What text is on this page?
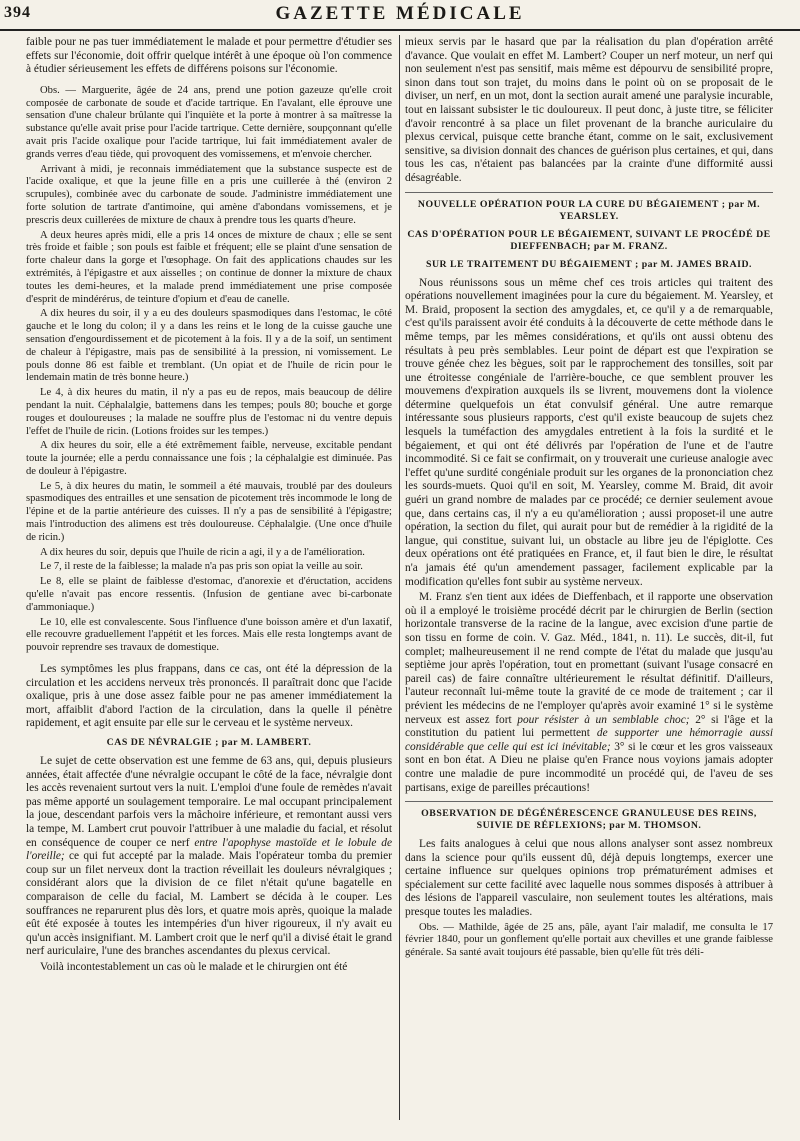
394	GAZETTE MÉDICALE

faible pour ne pas tuer immédiatement le malade et pour permettre d'étudier ses effets sur l'économie, doit offrir quelque intérêt à une époque où l'on commence à étudier sérieusement les effets de différens poisons sur l'économie.

Obs. — Marguerite, âgée de 24 ans, prend une potion gazeuze qu'elle croit composée de carbonate de soude et d'acide tartrique. En l'avalant, elle éprouve une sensation d'une chaleur brûlante qui l'inquiète et la porte à montrer à sa maîtresse la substance qu'elle avait prise pour l'acide tartrique. Cette dernière, soupçonnant qu'elle avait pris l'acide oxalique pour l'acide tartrique, lui fait immédiatement avaler de grands verres d'eau tiède, qui provoquent des vomissemens, et m'envoie chercher.

Arrivant à midi, je reconnais immédiatement que la substance suspecte est de l'acide oxalique, et que la jeune fille en a pris une cuillerée à thé (environ 2 scrupules), combinée avec du carbonate de soude. J'administre immédiatement une forte solution de tartrate d'antimoine, qui amène d'abondans vomissemens, et je prescris deux cuillerées de mixture de chaux à prendre tous les quarts d'heure.

A deux heures après midi, elle a pris 14 onces de mixture de chaux ; elle se sent très froide et faible ; son pouls est faible et fréquent; elle se plaint d'une sensation de forte chaleur dans la gorge et l'œsophage. On fait des applications chaudes sur les extrémités, à l'épigastre et aux aisselles ; on continue de donner la mixture de chaux toutes les demi-heures, et la malade prend immédiatement une prise composée d'esprit de mindérérus, de teinture d'opium et d'eau de canelle.

A dix heures du soir, il y a eu des douleurs spasmodiques dans l'estomac, le côté gauche et le long du colon; il y a dans les reins et le long de la cuisse gauche une sensation d'engourdissement et de picotement à la fois. Il y a de la soif, un sentiment de chaleur à l'épigastre, mais pas de sensibilité à la pression, ni vomissement. Le pouls donne 86 est faible et tremblant. (Un opiat et de l'huile de ricin pour le lendemain matin de très bonne heure.)

Le 4, à dix heures du matin, il n'y a pas eu de repos, mais beaucoup de délire pendant la nuit. Céphalalgie, battemens dans les tempes; pouls 80; bouche et gorge rouges et douloureuses ; la malade ne souffre plus de l'estomac ni du ventre depuis l'effet de l'huile de ricin. (Lotions froides sur les tempes.)

A dix heures du soir, elle a été extrêmement faible, nerveuse, excitable pendant toute la journée; elle a perdu connaissance une fois ; la céphalalgie est diminuée. Pas de douleur à l'épigastre.

Le 5, à dix heures du matin, le sommeil a été mauvais, troublé par des douleurs spasmodiques des entrailles et une sensation de picotement très incommode le long de l'épine et de la partie antérieure des cuisses. Il n'y a pas de sensibilité à l'épigastre; mais l'introduction des alimens est très douloureuse. Céphalalgie. (Une once d'huile de ricin.)

A dix heures du soir, depuis que l'huile de ricin a agi, il y a de l'amélioration.

Le 7, il reste de la faiblesse; la malade n'a pas pris son opiat la veille au soir.

Le 8, elle se plaint de faiblesse d'estomac, d'anorexie et d'éructation, accidens qu'elle n'avait pas encore ressentis. (Infusion de gentiane avec bi-carbonate d'ammoniaque.)

Le 10, elle est convalescente. Sous l'influence d'une boisson amère et d'un laxatif, elle recouvre graduellement l'appétit et les forces. Mais elle resta longtemps avant de pouvoir reprendre ses travaux de domestique.

Les symptômes les plus frappans, dans ce cas, ont été la dépression de la circulation et les accidens nerveux très prononcés. Il paraîtrait donc que l'acide oxalique, pris à une dose assez faible pour ne pas amener immédiatement la mort, affaiblit d'abord l'action de la circulation, dans la quelle il pénètre rapidement, et agit ensuite par elle sur le cerveau et le système nerveux.

CAS DE NÉVRALGIE ; par M. LAMBERT.

Le sujet de cette observation est une femme de 63 ans, qui, depuis plusieurs années, était affectée d'une névralgie occupant le côté de la face, névralgie dont les accès revenaient surtout vers la nuit. L'emploi d'une foule de remèdes n'avait pas même apporté un soulagement temporaire. Le mal occupant principalement la joue, descendant parfois vers la mâchoire inférieure, et remontant aussi vers la tempe, M. Lambert crut pouvoir l'attribuer à une maladie du facial, et résolut en conséquence de couper ce nerf entre l'apophyse mastoïde et le lobule de l'oreille; ce qui fut accepté par la malade. Mais l'opérateur tomba du premier coup sur un filet nerveux dont la traction réveillait les douleurs névralgiques ; considérant alors que la division de ce filet n'était qu'une bagatelle en comparaison de celle du facial, M. Lambert se décida à le couper. Les souffrances ne reparurent plus dès lors, et quatre mois après, quoique la malade eût été exposée à toutes les intempéries d'un hiver rigoureux, il n'y avait eu qu'un accès insignifiant. M. Lambert croit que le nerf qu'il a divisé était le grand nerf auriculaire, l'une des branches ascendantes du plexus cervical.

Voilà incontestablement un cas où le malade et le chirurgien ont été

mieux servis par le hasard que par la réalisation du plan d'opération arrêté d'avance. Que voulait en effet M. Lambert? Couper un nerf moteur, un nerf qui non seulement n'est pas sensitif, mais même est dépourvu de sensibilité propre, sinon dans tout son trajet, du moins dans le point où on se proposait de le diviser, un nerf, en un mot, dont la section aurait amené une paralysie incurable, tout en laissant subsister le tic douloureux. Il peut donc, à juste titre, se féliciter d'avoir rencontré à sa place un filet provenant de la branche auriculaire du plexus cervical, puisque cette branche étant, comme on le sait, exclusivement sensitive, sa division donnait des chances de guérison plus certaines, et qui, dans tous les cas, n'étaient pas balancées par la crainte d'une difformité aussi désagréable.

NOUVELLE OPÉRATION POUR LA CURE DU BÉGAIEMENT ; par M. YEARSLEY.
CAS D'OPÉRATION POUR LE BÉGAIEMENT, SUIVANT LE PROCÉDÉ DE DIEFFENBACH; par M. FRANZ.
SUR LE TRAITEMENT DU BÉGAIEMENT ; par M. JAMES BRAID.

Nous réunissons sous un même chef ces trois articles qui traitent des opérations nouvellement imaginées pour la cure du bégaiement. M. Yearsley, et M. Braid, proposent la section des amygdales, et, ce qu'il y a de remarquable, c'est qu'ils paraissent avoir été conduits à la découverte de cette méthode dans le même temps, par les mêmes considérations, et qu'ils ont aussi obtenu des résultats à peu près semblables. Leur point de départ est que l'expiration se trouve génée chez les bègues, soit par le rapprochement des tonsilles, soit par une étroitesse congéniale de l'arrière-bouche, ce que semblent prouver les mouvemens d'expiration auxquels ils se livrent, mouvemens dont la violence détermine quelquefois un état convulsif général. Une autre remarque intéressante sous plusieurs rapports, c'est qu'il existe beaucoup de sujets chez lesquels la tuméfaction des amygdales entretient à la fois la surdité et le bégaiement, et qui ont été délivrés par l'opération de l'une et de l'autre incommodité. Si ce fait se confirmait, on y trouverait une curieuse analogie avec l'effet qu'une surdité congéniale produit sur les organes de la prononciation chez les sourds-muets. Quoi qu'il en soit, M. Yearsley, comme M. Braid, dit avoir guéri un grand nombre de malades par ce procédé; ce dernier seulement avoue que, dans certains cas, il n'y a eu qu'amélioration ; aussi proposet-il une autre opération, la section du filet, qui aurait pour but de remédier à la rigidité de la langue, qui constitue, suivant lui, un obstacle au libre jeu de l'épiglotte. Ces deux opérations ont été pratiquées en France, et, il faut bien le dire, le résultat n'a jamais été qu'un amendement passager, facilement explicable par la modification qu'elles font subir au système nerveux.

M. Franz s'en tient aux idées de Dieffenbach, et il rapporte une observation où il a employé le troisième procédé décrit par le chirurgien de Berlin (section horizontale transverse de la racine de la langue, avec excision d'une partie de son tissu en forme de coin. V. Gaz. Méd., 1841, n. 11). Le succès, dit-il, fut complet; malheureusement il ne rend compte de l'état du malade que jusqu'au septième jour après l'opération, tout en promettant (suivant l'usage consacré en pareil cas) de faire connaître ultérieurement le résultat définitif. D'ailleurs, l'auteur reconnaît lui-même toute la gravité de ce mode de traitement ; car il prévient les médecins de ne l'employer qu'après avoir examiné 1° si le système nerveux est assez fort pour résister à un semblable choc; 2° si l'âge et la constitution du patient lui permettent de supporter une hémorragie aussi considérable que celle qui est ici inévitable; 3° si le cœur et les gros vaisseaux sont en bon état. A Dieu ne plaise qu'en France nous voyions jamais adopter contre une maladie de pure incommodité un procédé qui, de l'aveu de ses partisans, exige de pareilles précautions!

OBSERVATION DE DÉGÉNÉRESCENCE GRANULEUSE DES REINS, SUIVIE DE RÉFLEXIONS; par M. THOMSON.

Les faits analogues à celui que nous allons analyser sont assez nombreux dans la science pour qu'ils eussent dû, déjà depuis longtemps, exercer une certaine influence sur quelques opinions trop prématurément admises et spécialement sur cette facilité avec laquelle nous sommes disposés à attribuer à des lésions de l'appareil vasculaire, non seulement toutes les altérations, mais presque toutes les maladies.

Obs. — Mathilde, âgée de 25 ans, pâle, ayant l'air maladif, me consulta le 17 février 1840, pour un gonflement qu'elle portait aux chevilles et une grande faiblesse générale. Sa santé avait toujours été passable, bien qu'elle fût très déli-
